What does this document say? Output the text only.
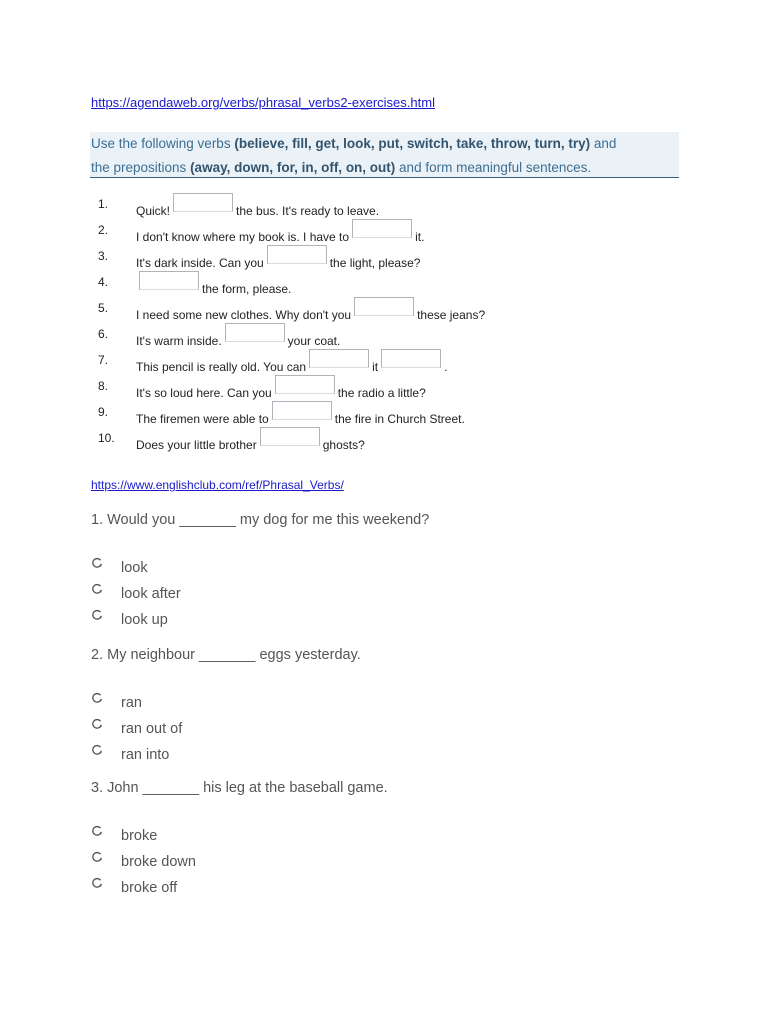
https://agendaweb.org/verbs/phrasal_verbs2-exercises.html
Use the following verbs (believe, fill, get, look, put, switch, take, throw, turn, try) and
the prepositions (away, down, for, in, off, on, out) and form meaningful sentences.
1.	Quick!	the bus. It's ready to leave.
2.	I don't know where my book is. I have to	it.
3.	It's dark inside. Can you	the light, please?
4.	the form, please.
5.	I need some new clothes. Why don't you	these jeans?
6.	It's warm inside.	your coat.
7.	This pencil is really old. You can	it	.
8.	It's so loud here. Can you	the radio a little?
9.	The firemen were able to	the fire in Church Street.
10. Does your little brother	ghosts?
https://www.englishclub.com/ref/Phrasal_Verbs/
1. Would you _______ my dog for me this weekend?
look
look after
look up
2. My neighbour _______ eggs yesterday.
ran
ran out of
ran into
3. John _______ his leg at the baseball game.
broke
broke down
broke off
